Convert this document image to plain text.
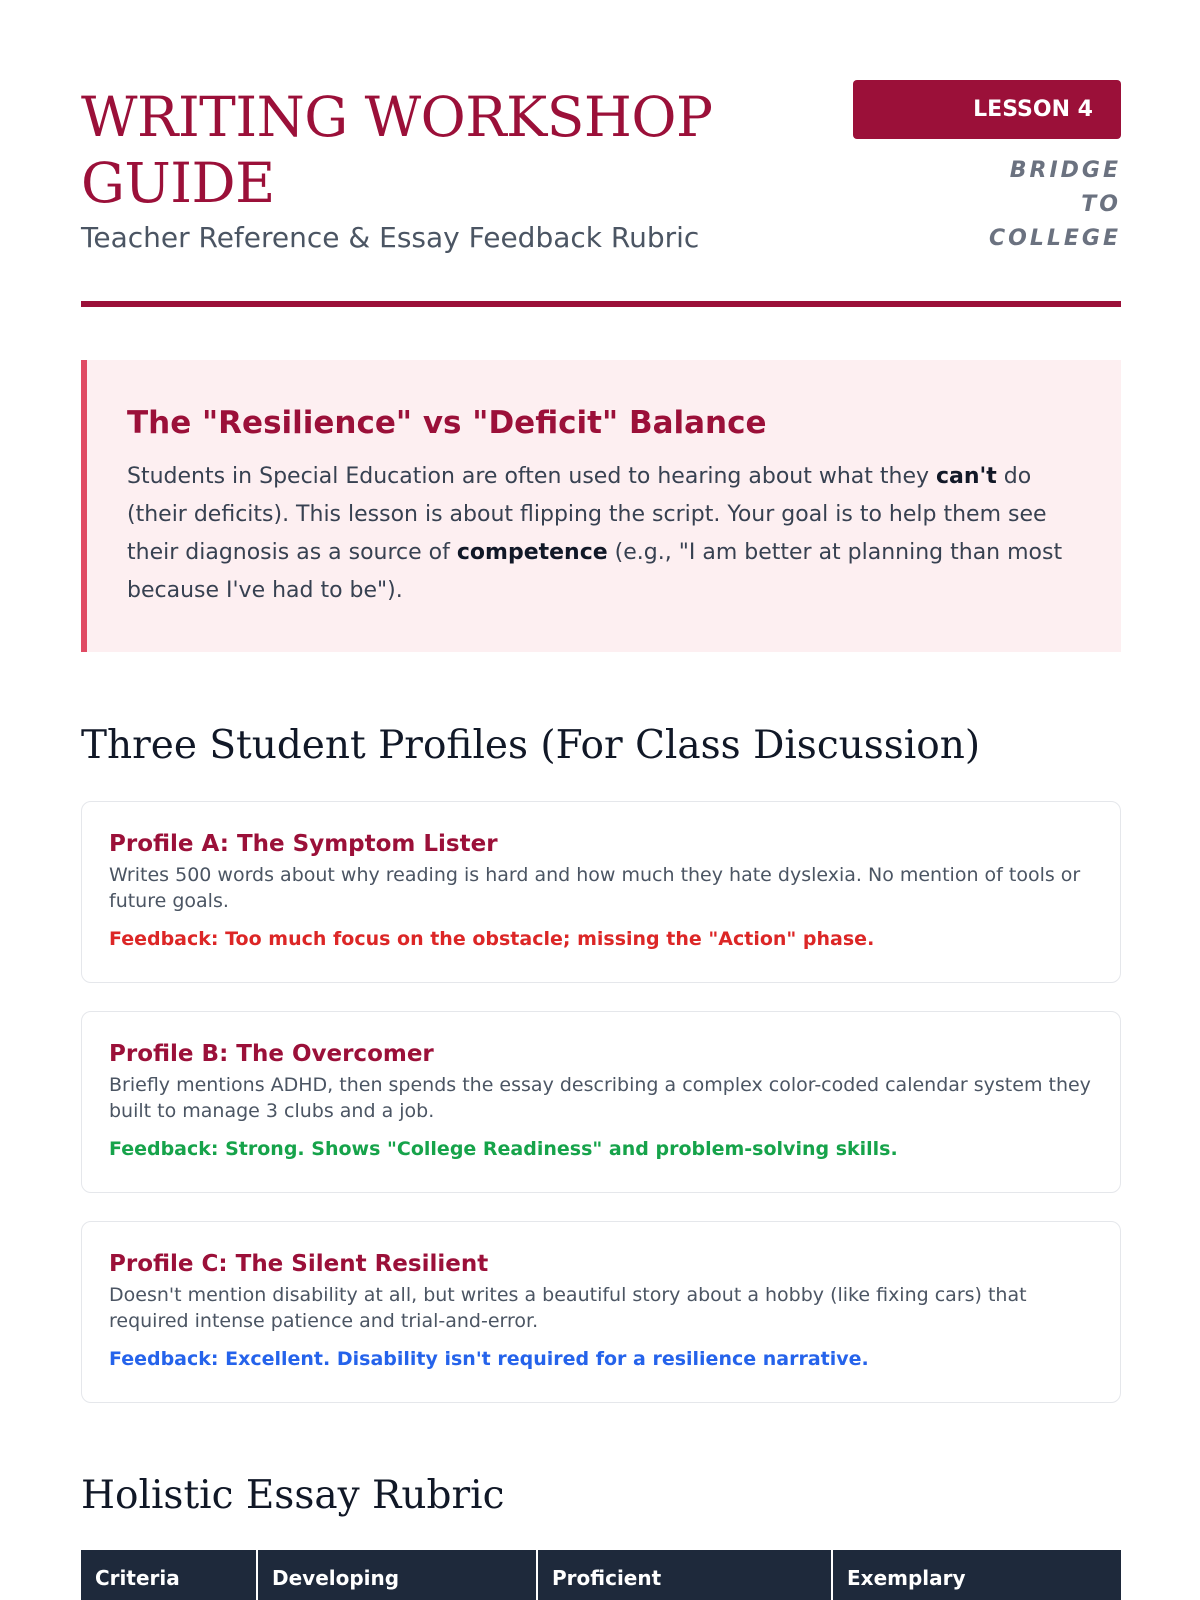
WRITING WORKSHOP GUIDE
Teacher Reference & Essay Feedback Rubric
LESSON 4
BRIDGE TO COLLEGE
The "Resilience" vs "Deficit" Balance

Students in Special Education are often used to hearing about what they can't do (their deficits). This lesson is about flipping the script. Your goal is to help them see their diagnosis as a source of competence (e.g., "I am better at planning than most because I've had to be").

Three Student Profiles (For Class Discussion)
Profile A: The Symptom Lister

Writes 500 words about why reading is hard and how much they hate dyslexia. No mention of tools or future goals.

Feedback: Too much focus on the obstacle; missing the "Action" phase.

Profile B: The Overcomer

Briefly mentions ADHD, then spends the essay describing a complex color-coded calendar system they built to manage 3 clubs and a job.

Feedback: Strong. Shows "College Readiness" and problem-solving skills.

Profile C: The Silent Resilient

Doesn't mention disability at all, but writes a beautiful story about a hobby (like fixing cars) that required intense patience and trial-and-error.

Feedback: Excellent. Disability isn't required for a resilience narrative.

Holistic Essay Rubric
Criteria	Developing	Proficient	Exemplary
